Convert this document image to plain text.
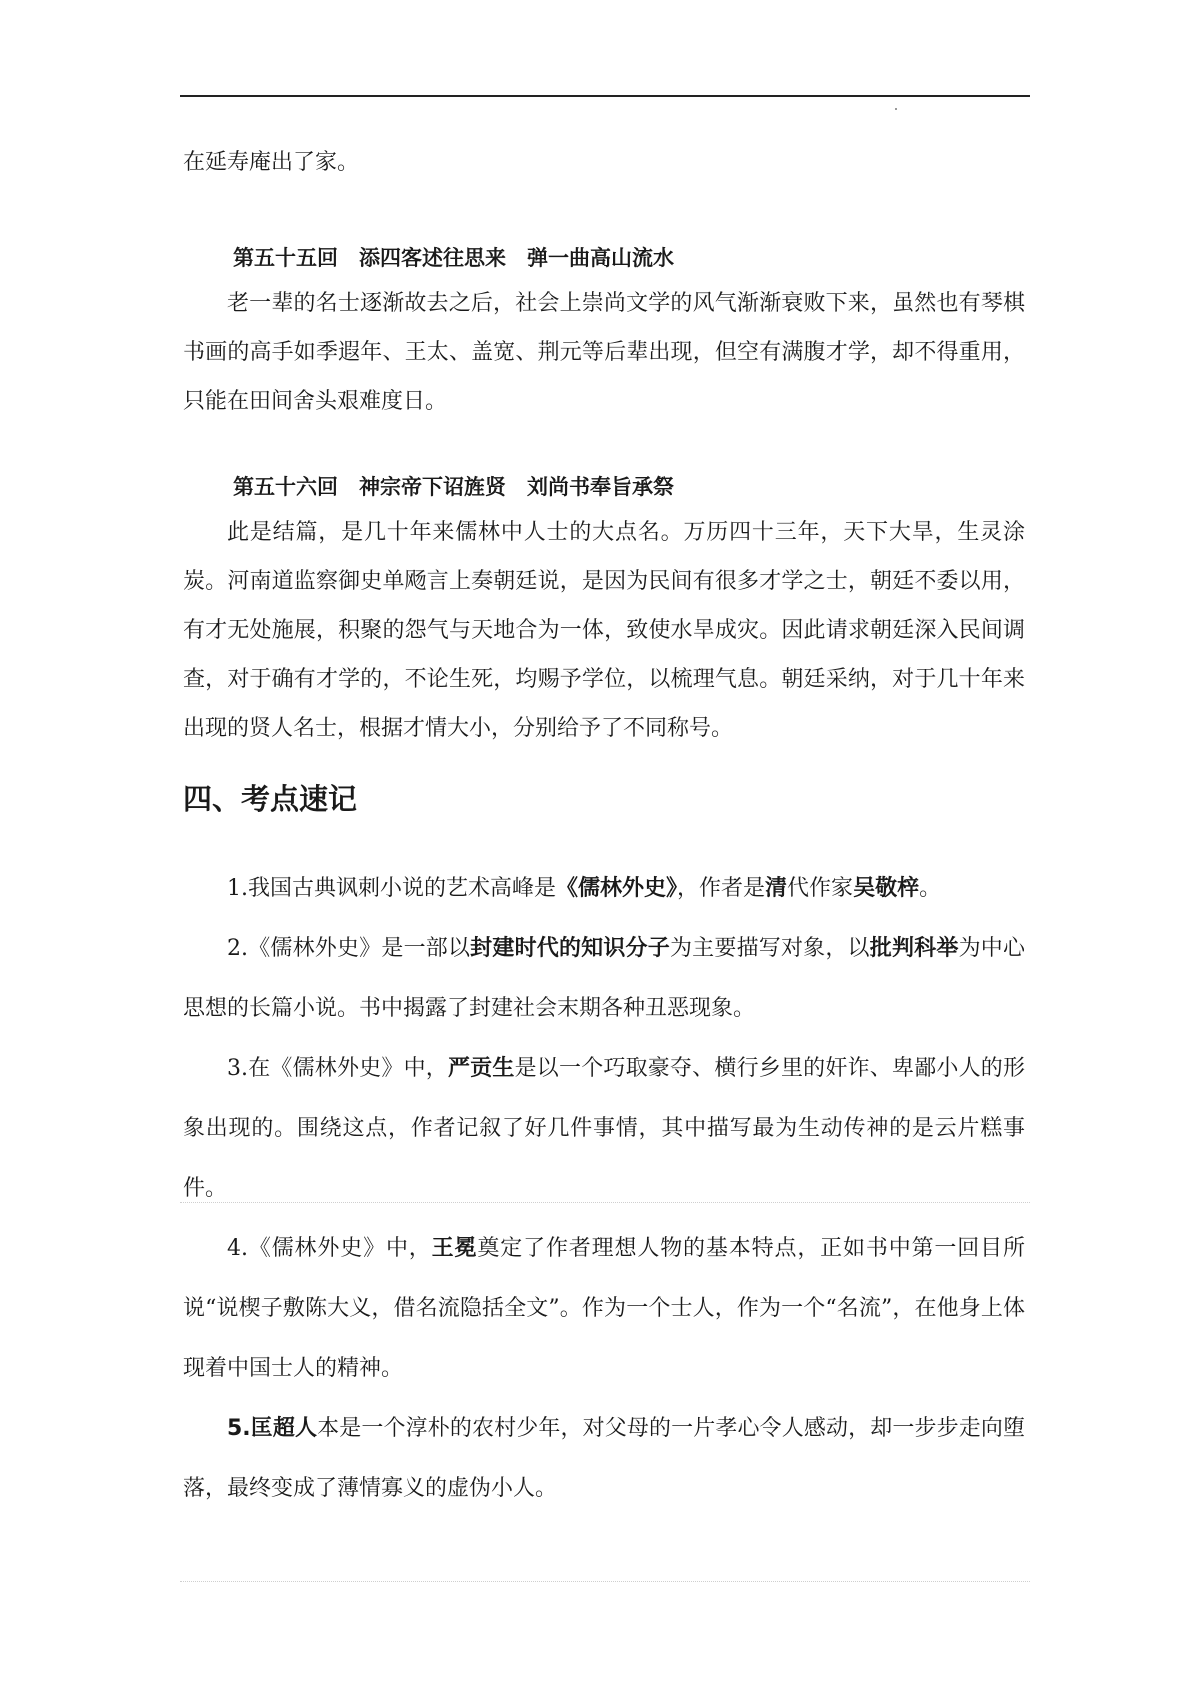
在延寿庵出了家。

第五十五回　添四客述往思来　弹一曲高山流水

老一辈的名士逐渐故去之后，社会上崇尚文学的风气渐渐衰败下来，虽然也有琴棋书画的高手如季遐年、王太、盖宽、荆元等后辈出现，但空有满腹才学，却不得重用，只能在田间舍头艰难度日。

第五十六回　神宗帝下诏旌贤　刘尚书奉旨承祭

此是结篇，是几十年来儒林中人士的大点名。万历四十三年，天下大旱，生灵涂炭。河南道监察御史单飏言上奏朝廷说，是因为民间有很多才学之士，朝廷不委以用，有才无处施展，积聚的怨气与天地合为一体，致使水旱成灾。因此请求朝廷深入民间调查，对于确有才学的，不论生死，均赐予学位，以梳理气息。朝廷采纳，对于几十年来出现的贤人名士，根据才情大小，分别给予了不同称号。

四、考点速记

1.我国古典讽刺小说的艺术高峰是《儒林外史》，作者是清代作家吴敬梓。

2.《儒林外史》是一部以封建时代的知识分子为主要描写对象，以批判科举为中心思想的长篇小说。书中揭露了封建社会末期各种丑恶现象。

3.在《儒林外史》中，严贡生是以一个巧取豪夺、横行乡里的奸诈、卑鄙小人的形象出现的。围绕这点，作者记叙了好几件事情，其中描写最为生动传神的是云片糕事件。

4.《儒林外史》中，王冕奠定了作者理想人物的基本特点，正如书中第一回目所说“说楔子敷陈大义，借名流隐括全文”。作为一个士人，作为一个“名流”，在他身上体现着中国士人的精神。

5.匡超人本是一个淳朴的农村少年，对父母的一片孝心令人感动，却一步步走向堕落，最终变成了薄情寡义的虚伪小人。
